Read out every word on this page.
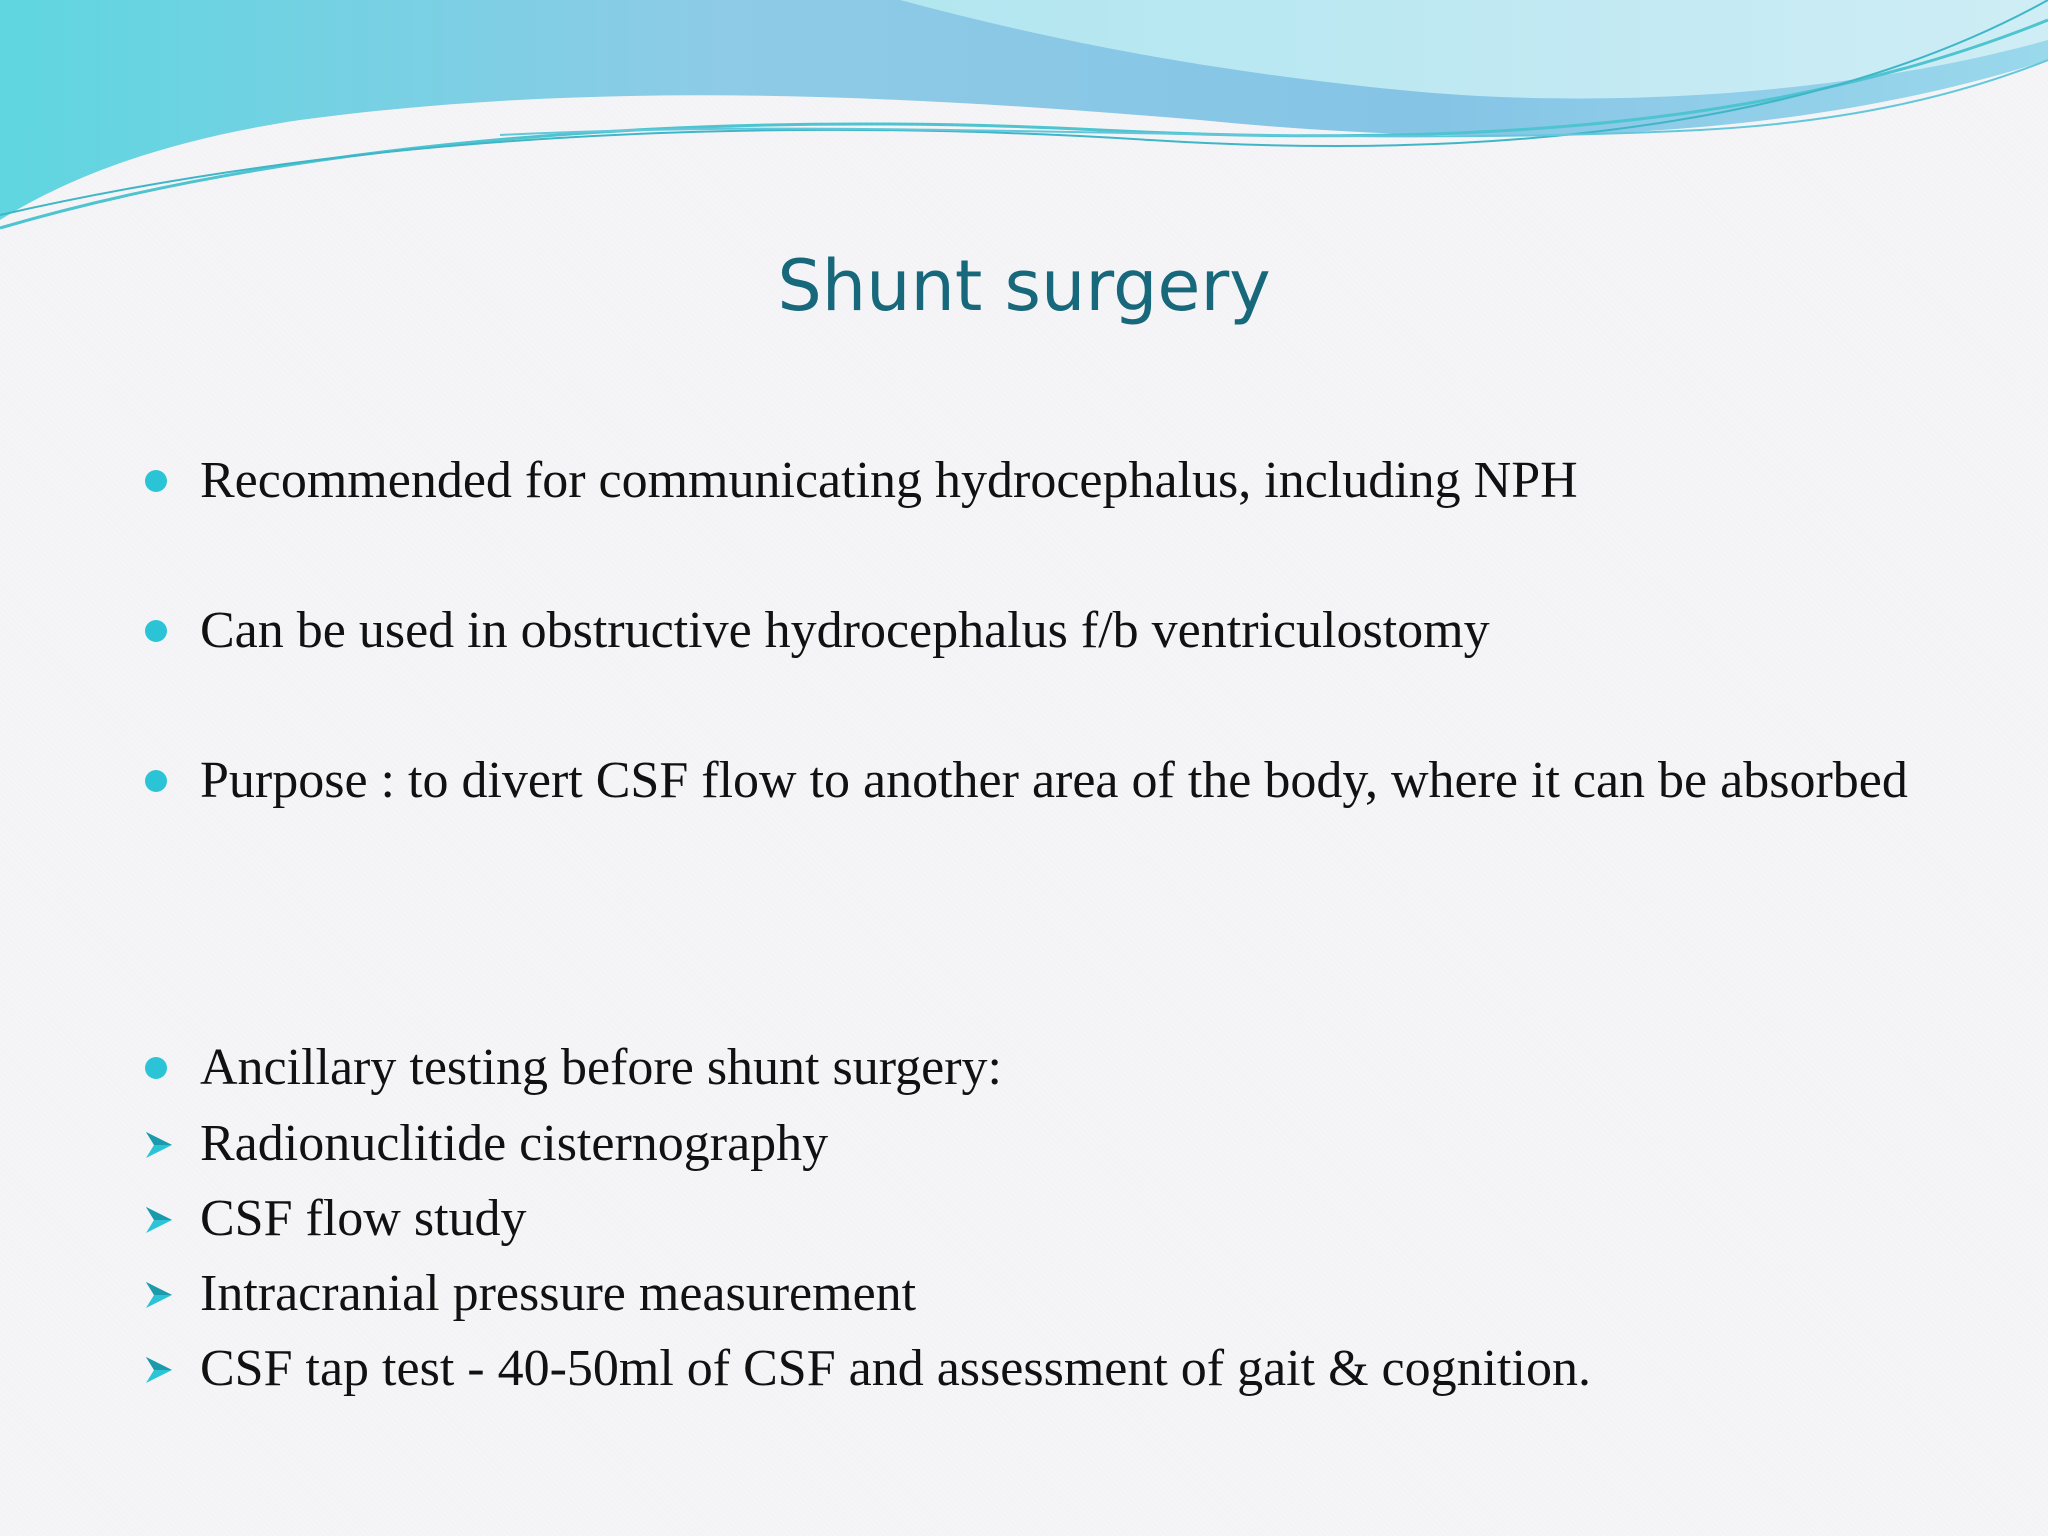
Shunt surgery
Recommended for communicating hydrocephalus, including NPH
Can be used in obstructive hydrocephalus f/b ventriculostomy
Purpose : to divert CSF flow to another area of the body, where it can be absorbed
Ancillary testing before shunt surgery:
Radionuclitide cisternography
CSF flow study
Intracranial pressure measurement
CSF tap test - 40-50ml of CSF and assessment of gait & cognition.
